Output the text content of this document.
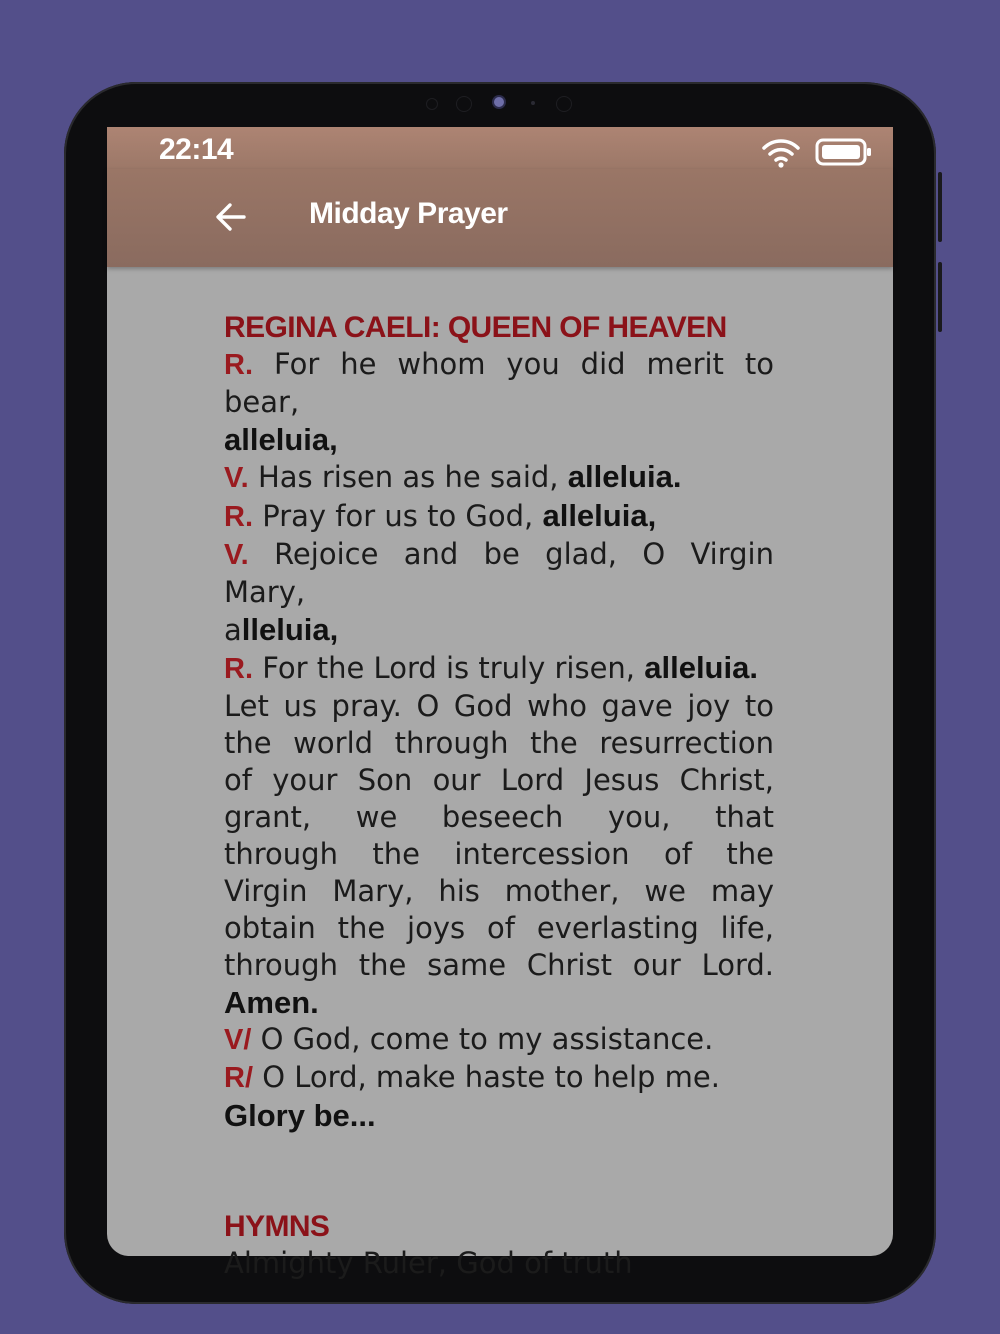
22:14
Midday Prayer
REGINA CAELI: QUEEN OF HEAVEN
R. For he whom you did merit to
bear,
alleluia,
V. Has risen as he said, alleluia.
R. Pray for us to God, alleluia,
V. Rejoice and be glad, O Virgin
Mary,
alleluia,
R. For the Lord is truly risen, alleluia.
Let us pray. O God who gave joy to
the world through the resurrection
of your Son our Lord Jesus Christ,
grant, we beseech you, that
through the intercession of the
Virgin Mary, his mother, we may
obtain the joys of everlasting life,
through the same Christ our Lord.
Amen.
V/ O God, come to my assistance.
R/ O Lord, make haste to help me.
Glory be...
HYMNS
Almighty Ruler, God of truth
